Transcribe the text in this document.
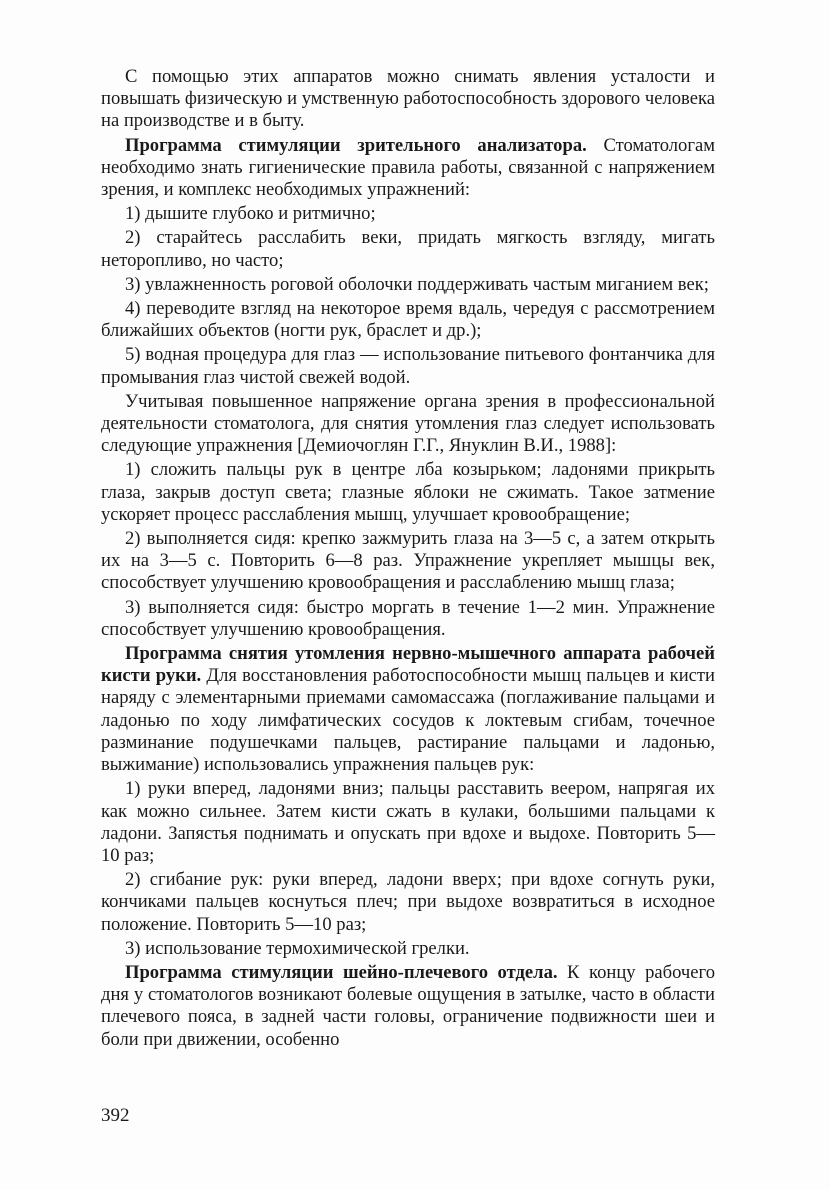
С помощью этих аппаратов можно снимать явления усталости и повышать физическую и умственную работоспособность здорового человека на производстве и в быту.

Программа стимуляции зрительного анализатора. Стоматологам необходимо знать гигиенические правила работы, связанной с напряжением зрения, и комплекс необходимых упражнений:

1) дышите глубоко и ритмично;

2) старайтесь расслабить веки, придать мягкость взгляду, мигать неторопливо, но часто;

3) увлажненность роговой оболочки поддерживать частым миганием век;

4) переводите взгляд на некоторое время вдаль, чередуя с рассмотрением ближайших объектов (ногти рук, браслет и др.);

5) водная процедура для глаз — использование питьевого фонтанчика для промывания глаз чистой свежей водой.

Учитывая повышенное напряжение органа зрения в профессиональной деятельности стоматолога, для снятия утомления глаз следует использовать следующие упражнения [Демиочоглян Г.Г., Януклин В.И., 1988]:

1) сложить пальцы рук в центре лба козырьком; ладонями прикрыть глаза, закрыв доступ света; глазные яблоки не сжимать. Такое затмение ускоряет процесс расслабления мышц, улучшает кровообращение;

2) выполняется сидя: крепко зажмурить глаза на 3—5 с, а затем открыть их на 3—5 с. Повторить 6—8 раз. Упражнение укрепляет мышцы век, способствует улучшению кровообращения и расслаблению мышц глаза;

3) выполняется сидя: быстро моргать в течение 1—2 мин. Упражнение способствует улучшению кровообращения.

Программа снятия утомления нервно-мышечного аппарата рабочей кисти руки. Для восстановления работоспособности мышц пальцев и кисти наряду с элементарными приемами самомассажа (поглаживание пальцами и ладонью по ходу лимфатических сосудов к локтевым сгибам, точечное разминание подушечками пальцев, растирание пальцами и ладонью, выжимание) использовались упражнения пальцев рук:

1) руки вперед, ладонями вниз; пальцы расставить веером, напрягая их как можно сильнее. Затем кисти сжать в кулаки, большими пальцами к ладони. Запястья поднимать и опускать при вдохе и выдохе. Повторить 5—10 раз;

2) сгибание рук: руки вперед, ладони вверх; при вдохе согнуть руки, кончиками пальцев коснуться плеч; при выдохе возвратиться в исходное положение. Повторить 5—10 раз;

3) использование термохимической грелки.

Программа стимуляции шейно-плечевого отдела. К концу рабочего дня у стоматологов возникают болевые ощущения в затылке, часто в области плечевого пояса, в задней части головы, ограничение подвижности шеи и боли при движении, особенно

392
